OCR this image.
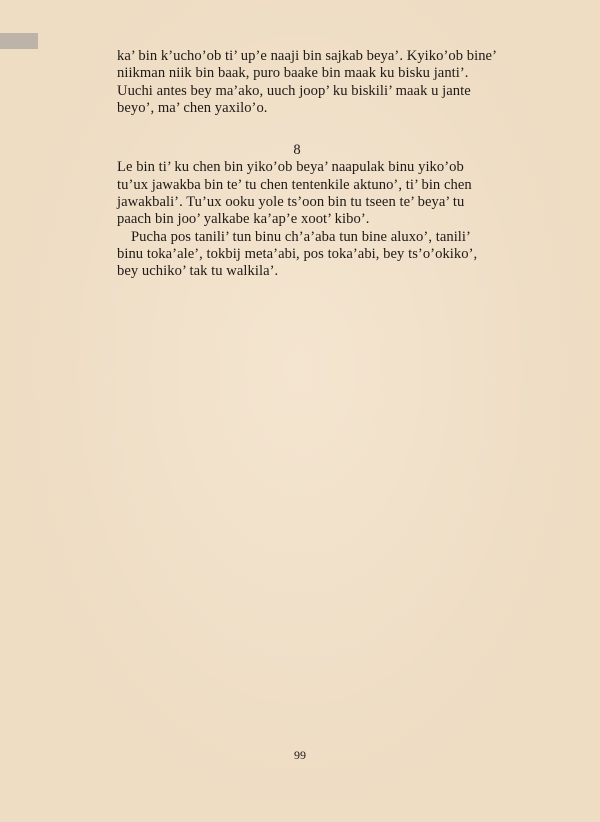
ka’ bin k’ucho’ob ti’ up’e naaji bin sajkab beya’. Kyiko’ob bine’ niikman niik bin baak, puro baake bin maak ku bisku janti’. Uuchi antes bey ma’ako, uuch joop’ ku biskili’ maak u jante beyo’, ma’ chen yaxilo’o.

8

Le bin ti’ ku chen bin yiko’ob beya’ naapulak binu yiko’ob tu’ux jawakba bin te’ tu chen tentenkile aktuno’, ti’ bin chen jawakbali’. Tu’ux ooku yole ts’oon bin tu tseen te’ beya’ tu paach bin joo’ yalkabe ka’ap’e xoot’ kibo’.

Pucha pos tanili’ tun binu ch’a’aba tun bine aluxo’, tanili’ binu toka’ale’, tokbij meta’abi, pos toka’abi, bey ts’o’okiko’, bey uchiko’ tak tu walkila’.

99
